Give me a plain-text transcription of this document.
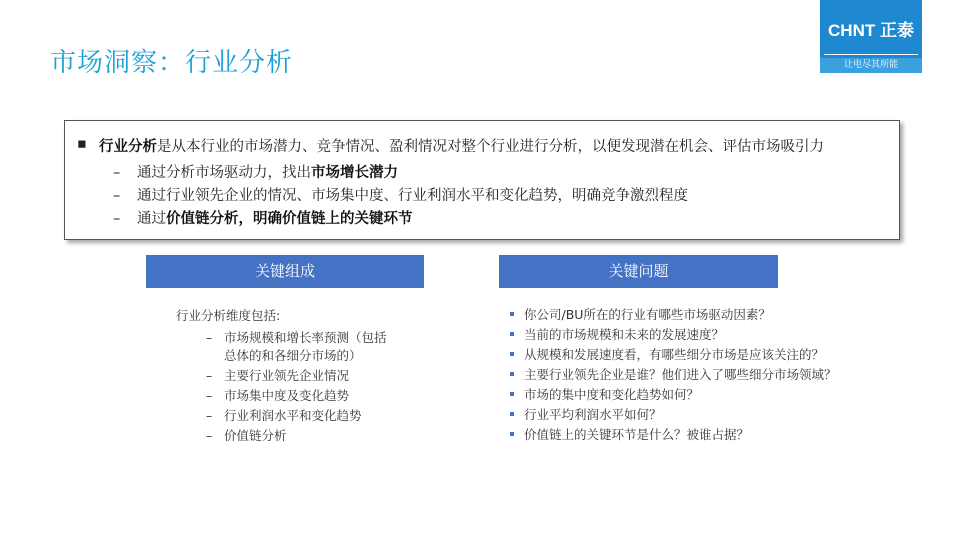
市场洞察：行业分析
CHNT 正泰
让电尽其所能
▪ 行业分析是从本行业的市场潜力、竞争情况、盈利情况对整个行业进行分析，以便发现潜在机会、评估市场吸引力
– 通过分析市场驱动力，找出市场增长潜力
– 通过行业领先企业的情况、市场集中度、行业利润水平和变化趋势，明确竞争激烈程度
– 通过价值链分析，明确价值链上的关键环节
关键组成	关键问题
行业分析维度包括:
– 市场规模和增长率预测（包括总体的和各细分市场的）
– 主要行业领先企业情况
– 市场集中度及变化趋势
– 行业利润水平和变化趋势
– 价值链分析
你公司/BU所在的行业有哪些市场驱动因素？
当前的市场规模和未来的发展速度？
从规模和发展速度看，有哪些细分市场是应该关注的？
主要行业领先企业是谁？他们进入了哪些细分市场领域？
市场的集中度和变化趋势如何？
行业平均利润水平如何？
价值链上的关键环节是什么？被谁占据？
